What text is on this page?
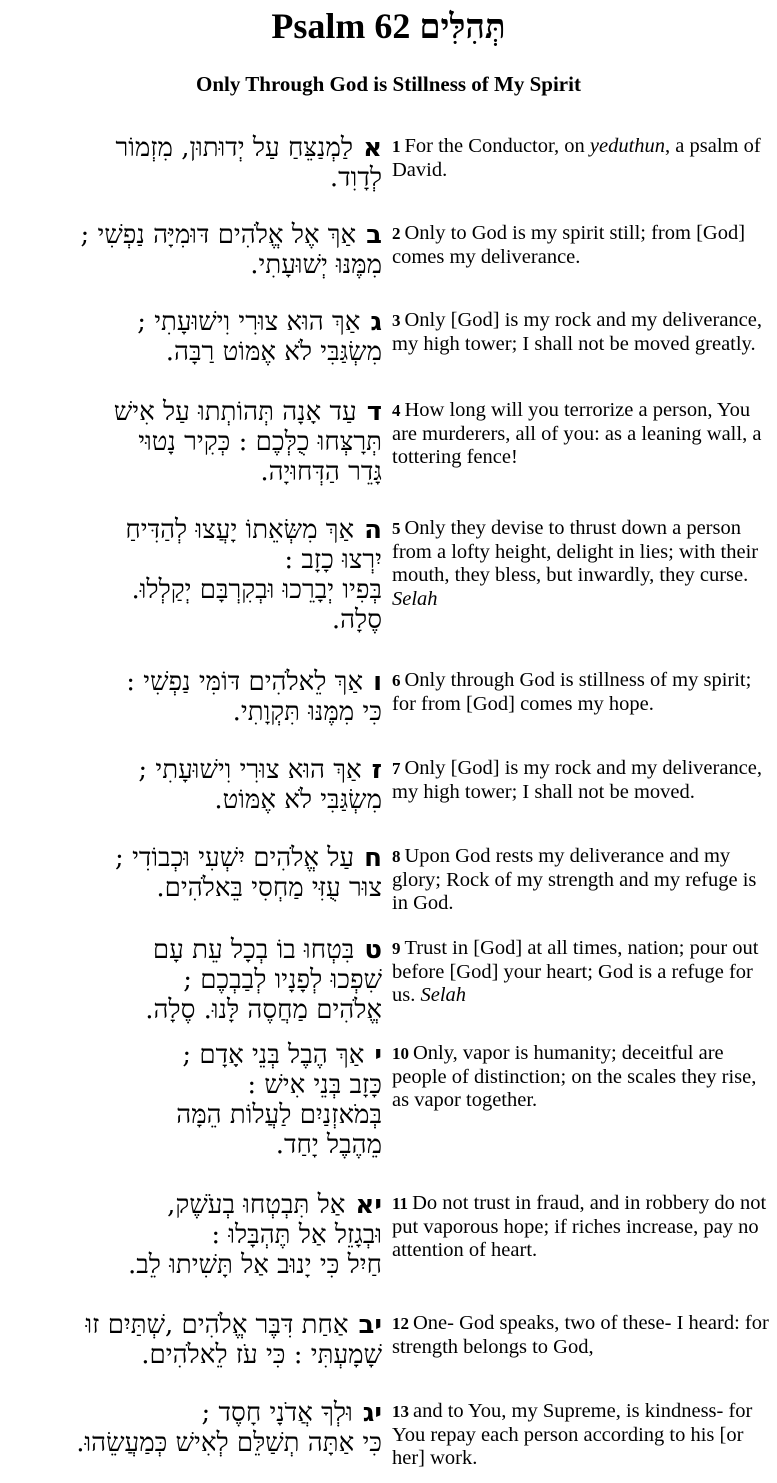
Psalm 62 תְּהִלִּים
Only Through God is Stillness of My Spirit
אלַמְנַצֵּחַ עַל יְדוּתוּן, מִזְמוֹר
לְדָוִד.
1 For the Conductor, on yeduthun, a psalm of David.
באַךְ אֶל אֱלֹהִים דּוּמִיָּה נַפְשִׁי ;
מִמֶּנּוּ יְשׁוּעָתִי.
2 Only to God is my spirit still; from [God] comes my deliverance.
גאַךְ הוּא צוּרִי וִישׁוּעָתִי ;
מִשְׂגַּבִּי לֹא אֶמּוֹט רַבָּה.
3 Only [God] is my rock and my deliverance, my high tower; I shall not be moved greatly.
דעַד אָנָה תְּהוֹתְתוּ עַל אִישׁ
תְּרָצְּחוּ כֻלְּכֶם : כְּקִיר נָטוּי
גָּדֵר הַדְּחוּיָה.
4 How long will you terrorize a person, You are murderers, all of you: as a leaning wall, a tottering fence!
האַךְ מִשְּׂאֵתוֹ יָעֲצוּ לְהַדִּיחַ
יִרְצוּ כָזָב :
בְּפִיו יְבָרֵכוּ וּבְקִרְבָּם יְקַלְלוּ.
סֶלָה.
5 Only they devise to thrust down a person from a lofty height, delight in lies; with their mouth, they bless, but inwardly, they curse. Selah
ואַךְ לֵאלֹהִים דּוֹמִּי נַפְשִׁי :
כִּי מִמֶּנּוּ תִּקְוָתִי.
6 Only through God is stillness of my spirit; for from [God] comes my hope.
זאַךְ הוּא צוּרִי וִישׁוּעָתִי ;
מִשְׂגַּבִּי לֹא אֶמּוֹט.
7 Only [God] is my rock and my deliverance, my high tower; I shall not be moved.
חעַל אֱלֹהִים יִשְׁעִי וּכְבוֹדִי ;
צוּר עֻזִּי מַחְסִי בֵּאלֹהִים.
8 Upon God rests my deliverance and my glory; Rock of my strength and my refuge is in God.
טבִּטְחוּ בוֹ בְכָל עֵת עָם
שִׁפְכוּ לְפָנָיו לְבַבְכֶם ;
אֱלֹהִים מַחֲסֶה לָּנוּ. סֶלָה.
9 Trust in [God] at all times, nation; pour out before [God] your heart; God is a refuge for us. Selah
יאַךְ הֶבֶל בְּנֵי אָדָם ;
כָּזָב בְּנֵי אִישׁ :
בְּמֹאזְנַיִם לַעֲלוֹת הֵמָּה
מֵהֶבֶל יָחַד.
10 Only, vapor is humanity; deceitful are people of distinction; on the scales they rise, as vapor together.
יאאַל תִּבְטְחוּ בְעֹשֶׁק,
וּבְגָזֵל אַל תֶּהְבָּלוּ :
חַיִל כִּי יָנוּב אַל תָּשִׁיתוּ לֵב.
11 Do not trust in fraud, and in robbery do not put vaporous hope; if riches increase, pay no attention of heart.
יבאַחַת דִּבֶּר אֱלֹהִים ,שְׁתַּיִם זוּ
שָׁמָעְתִּי : כִּי עֹז לֵאלֹהִים.
12 One- God speaks, two of these- I heard: for strength belongs to God,
יגוּלְךָ אֲדֹנָי חָסֶד ;
כִּי אַתָּה תְשַׁלֵּם לְאִישׁ כְּמַעֲשֵׂהוּ.
13 and to You, my Supreme, is kindness- for You repay each person according to his [or her] work.
